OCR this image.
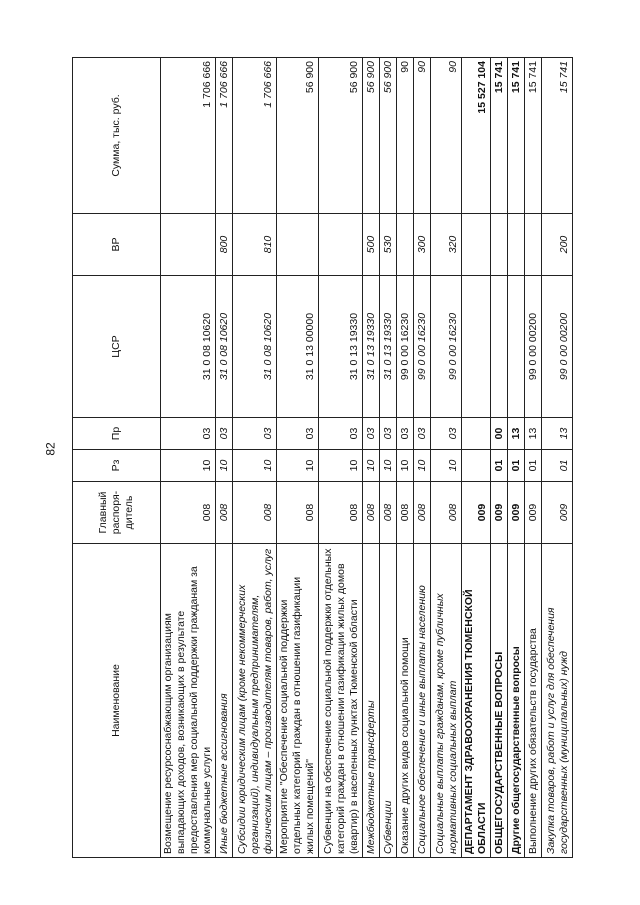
82
Наименование	Главный распоря- дитель	Рз	Пр	ЦСР	ВР	Сумма, тыс. руб.
Возмещение ресурсоснабжающим организациям выпадающих доходов, возникающих в результате предоставления мер социальной поддержки гражданам за коммунальные услуги	008	10	03	31 0 08 10620		1 706 666
Иные бюджетные ассигнования	008	10	03	31 0 08 10620	800	1 706 666
Субсидии юридическим лицам (кроме некоммерческих организаций), индивидуальным предпринимателям, физическим лицам – производителям товаров, работ, услуг	008	10	03	31 0 08 10620	810	1 706 666
Мероприятие "Обеспечение социальной поддержки отдельных категорий граждан в отношении газификации жилых помещений"	008	10	03	31 0 13 00000		56 900
Субвенции на обеспечение социальной поддержки отдельных категорий граждан в отношении газификации жилых домов (квартир) в населенных пунктах Тюменской области	008	10	03	31 0 13 19330		56 900
Межбюджетные трансферты	008	10	03	31 0 13 19330	500	56 900
Субвенции	008	10	03	31 0 13 19330	530	56 900
Оказание других видов социальной помощи	008	10	03	99 0 00 16230		90
Социальное обеспечение и иные выплаты населению	008	10	03	99 0 00 16230	300	90
Социальные выплаты гражданам, кроме публичных нормативных социальных выплат	008	10	03	99 0 00 16230	320	90
ДЕПАРТАМЕНТ ЗДРАВООХРАНЕНИЯ ТЮМЕНСКОЙ ОБЛАСТИ	009					15 527 104
ОБЩЕГОСУДАРСТВЕННЫЕ ВОПРОСЫ	009	01	00			15 741
Другие общегосударственные вопросы	009	01	13			15 741
Выполнение других обязательств государства	009	01	13	99 0 00 00200		15 741
Закупка товаров, работ и услуг для обеспечения государственных (муниципальных) нужд	009	01	13	99 0 00 00200	200	15 741
